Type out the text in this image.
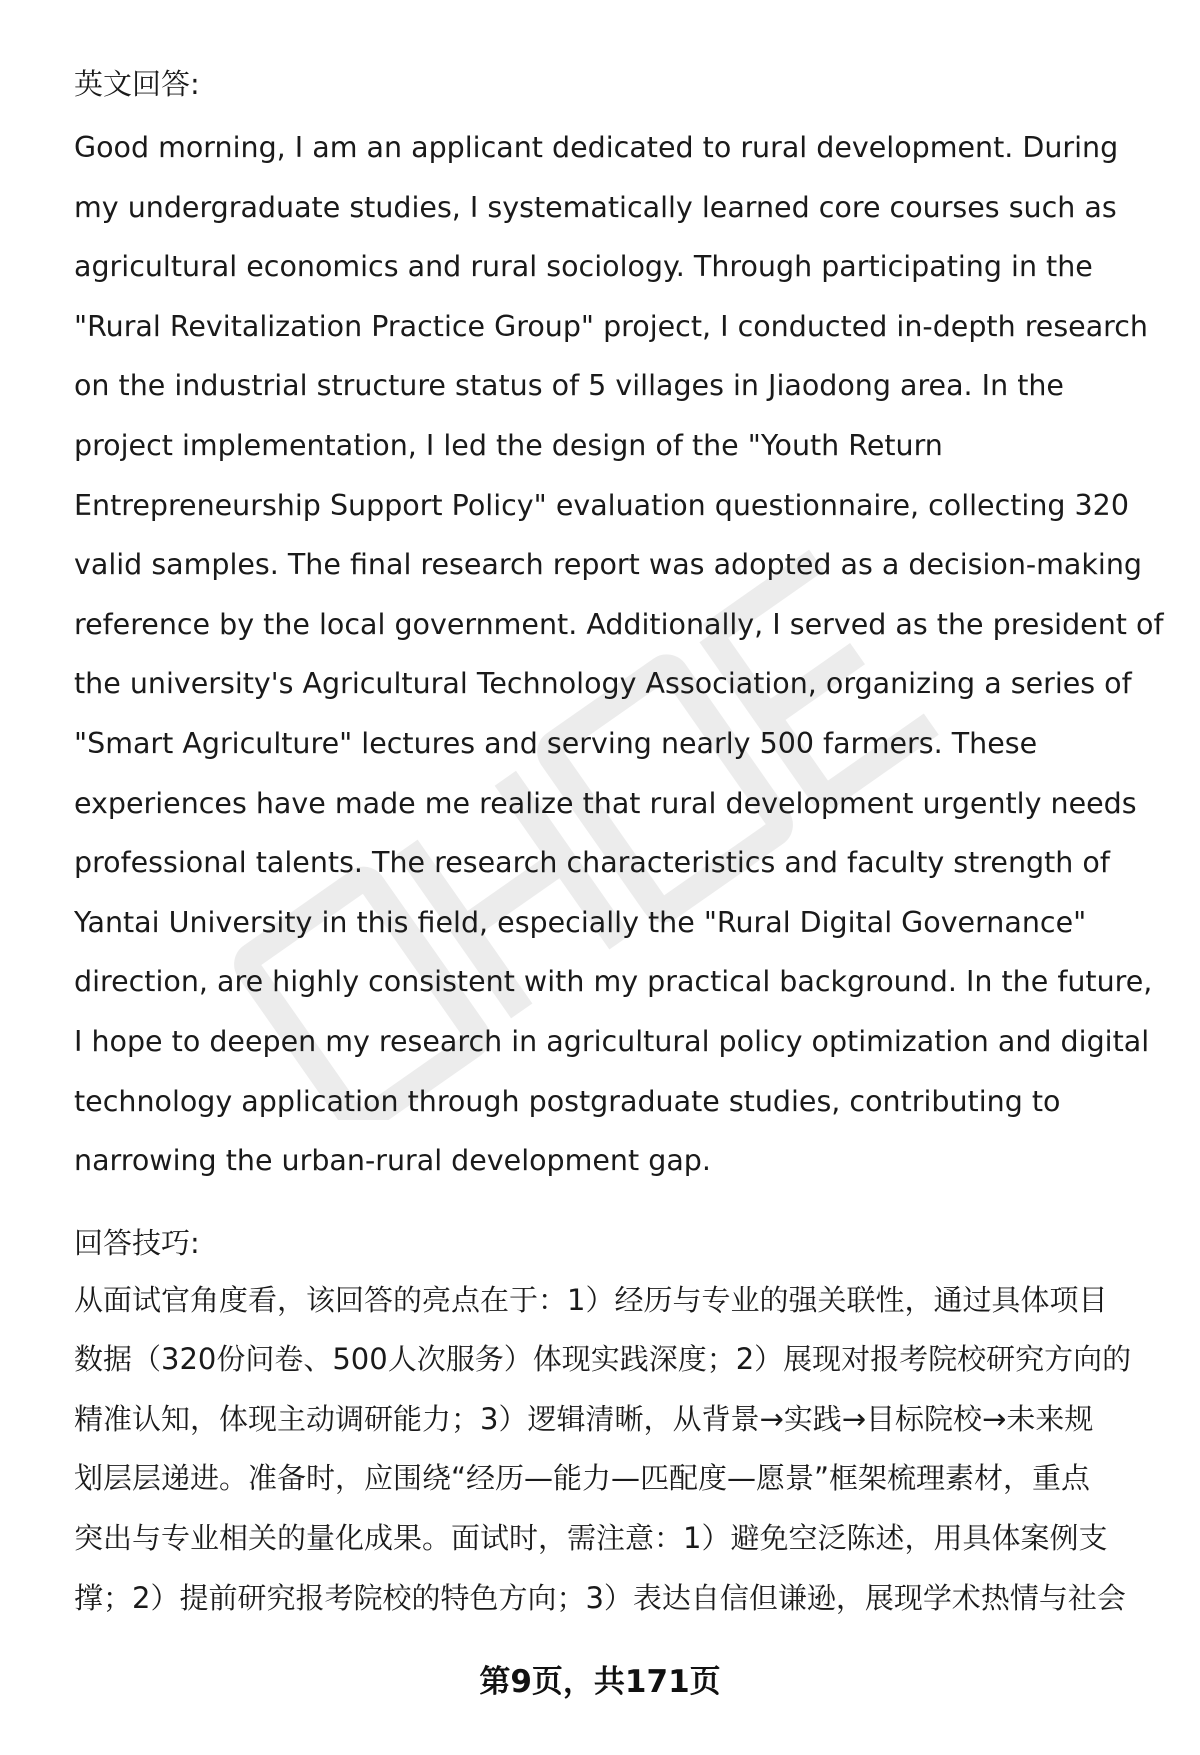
英文回答:

Good morning, I am an applicant dedicated to rural development. During
my undergraduate studies, I systematically learned core courses such as
agricultural economics and rural sociology. Through participating in the
"Rural Revitalization Practice Group" project, I conducted in-depth research
on the industrial structure status of 5 villages in Jiaodong area. In the
project implementation, I led the design of the "Youth Return
Entrepreneurship Support Policy" evaluation questionnaire, collecting 320
valid samples. The final research report was adopted as a decision-making
reference by the local government. Additionally, I served as the president of
the university's Agricultural Technology Association, organizing a series of
"Smart Agriculture" lectures and serving nearly 500 farmers. These
experiences have made me realize that rural development urgently needs
professional talents. The research characteristics and faculty strength of
Yantai University in this field, especially the "Rural Digital Governance"
direction, are highly consistent with my practical background. In the future,
I hope to deepen my research in agricultural policy optimization and digital
technology application through postgraduate studies, contributing to
narrowing the urban-rural development gap.

回答技巧:

从面试官角度看，该回答的亮点在于：1）经历与专业的强关联性，通过具体项目
数据（320份问卷、500人次服务）体现实践深度；2）展现对报考院校研究方向的
精准认知，体现主动调研能力；3）逻辑清晰，从背景→实践→目标院校→未来规
划层层递进。准备时，应围绕“经历—能力—匹配度—愿景”框架梳理素材，重点
突出与专业相关的量化成果。面试时，需注意：1）避免空泛陈述，用具体案例支
撑；2）提前研究报考院校的特色方向；3）表达自信但谦逊，展现学术热情与社会

第9页，共171页
